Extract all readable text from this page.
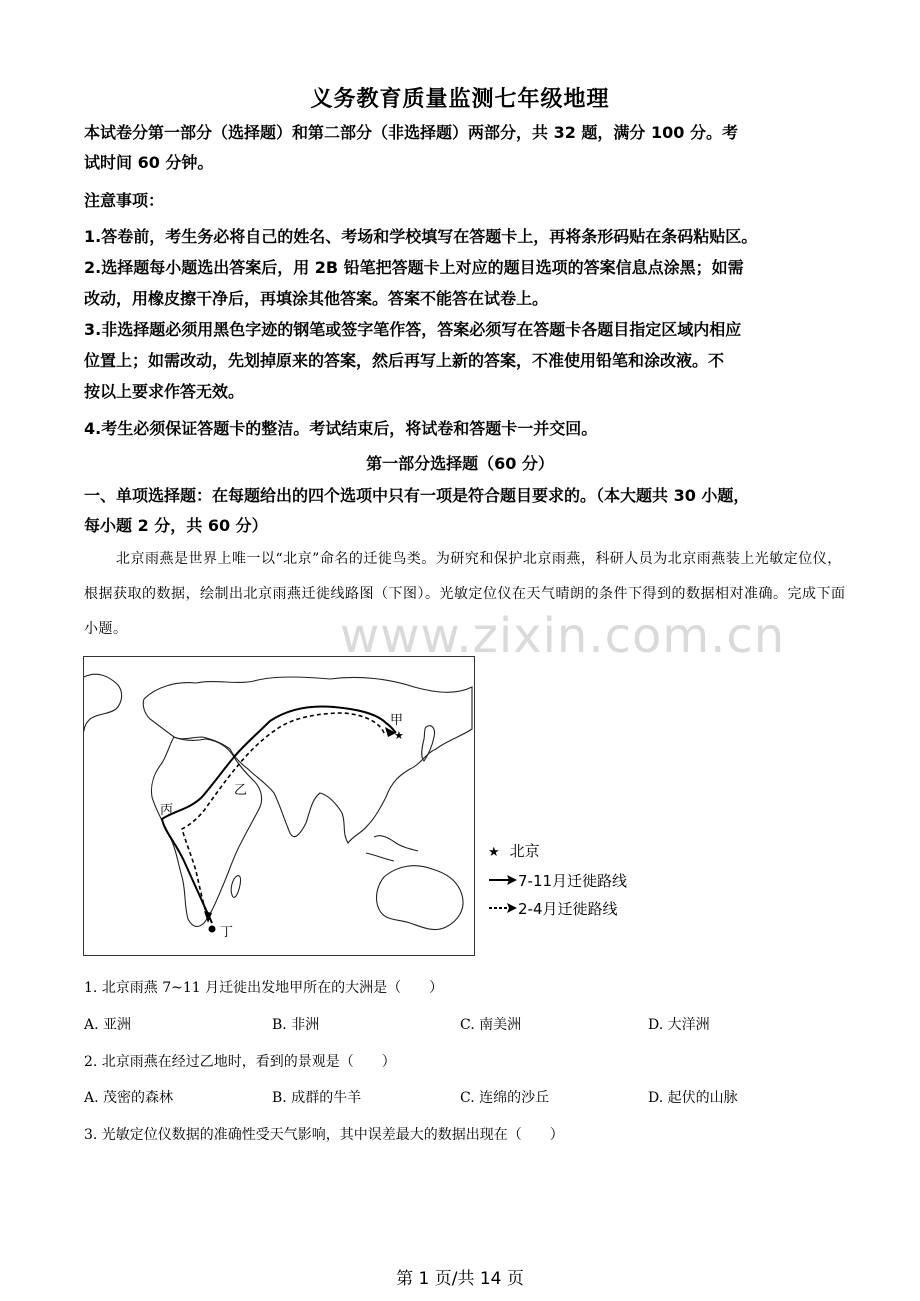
义务教育质量监测七年级地理
本试卷分第一部分（选择题）和第二部分（非选择题）两部分，共 32 题，满分 100 分。考
试时间 60 分钟。
注意事项：
1.答卷前，考生务必将自己的姓名、考场和学校填写在答题卡上，再将条形码贴在条码粘贴区。
2.选择题每小题选出答案后，用 2B 铅笔把答题卡上对应的题目选项的答案信息点涂黑；如需
改动，用橡皮擦干净后，再填涂其他答案。答案不能答在试卷上。
3.非选择题必须用黑色字迹的钢笔或签字笔作答，答案必须写在答题卡各题目指定区域内相应
位置上；如需改动，先划掉原来的答案，然后再写上新的答案，不准使用铅笔和涂改液。不
按以上要求作答无效。
4.考生必须保证答题卡的整洁。考试结束后，将试卷和答题卡一并交回。
第一部分选择题（60 分）
一、单项选择题：在每题给出的四个选项中只有一项是符合题目要求的。（本大题共 30 小题，
每小题 2 分，共 60 分）
北京雨燕是世界上唯一以“北京”命名的迁徙鸟类。为研究和保护北京雨燕，科研人员为北京雨燕装上光敏定位仪，根据获取的数据，绘制出北京雨燕迁徙线路图（下图）。光敏定位仪在天气晴朗的条件下得到的数据相对准确。完成下面小题。	www.zixin.com.cn
★
甲
乙
丙
丁
★ 北京
7-11月迁徙路线
2-4月迁徙路线
1. 北京雨燕 7~11 月迁徙出发地甲所在的大洲是（　　）
A. 亚洲	B. 非洲	C. 南美洲	D. 大洋洲
2. 北京雨燕在经过乙地时，看到的景观是（　　）
A. 茂密的森林	B. 成群的牛羊	C. 连绵的沙丘	D. 起伏的山脉
3. 光敏定位仪数据的准确性受天气影响，其中误差最大的数据出现在（　　）
第 1 页/共 14 页
